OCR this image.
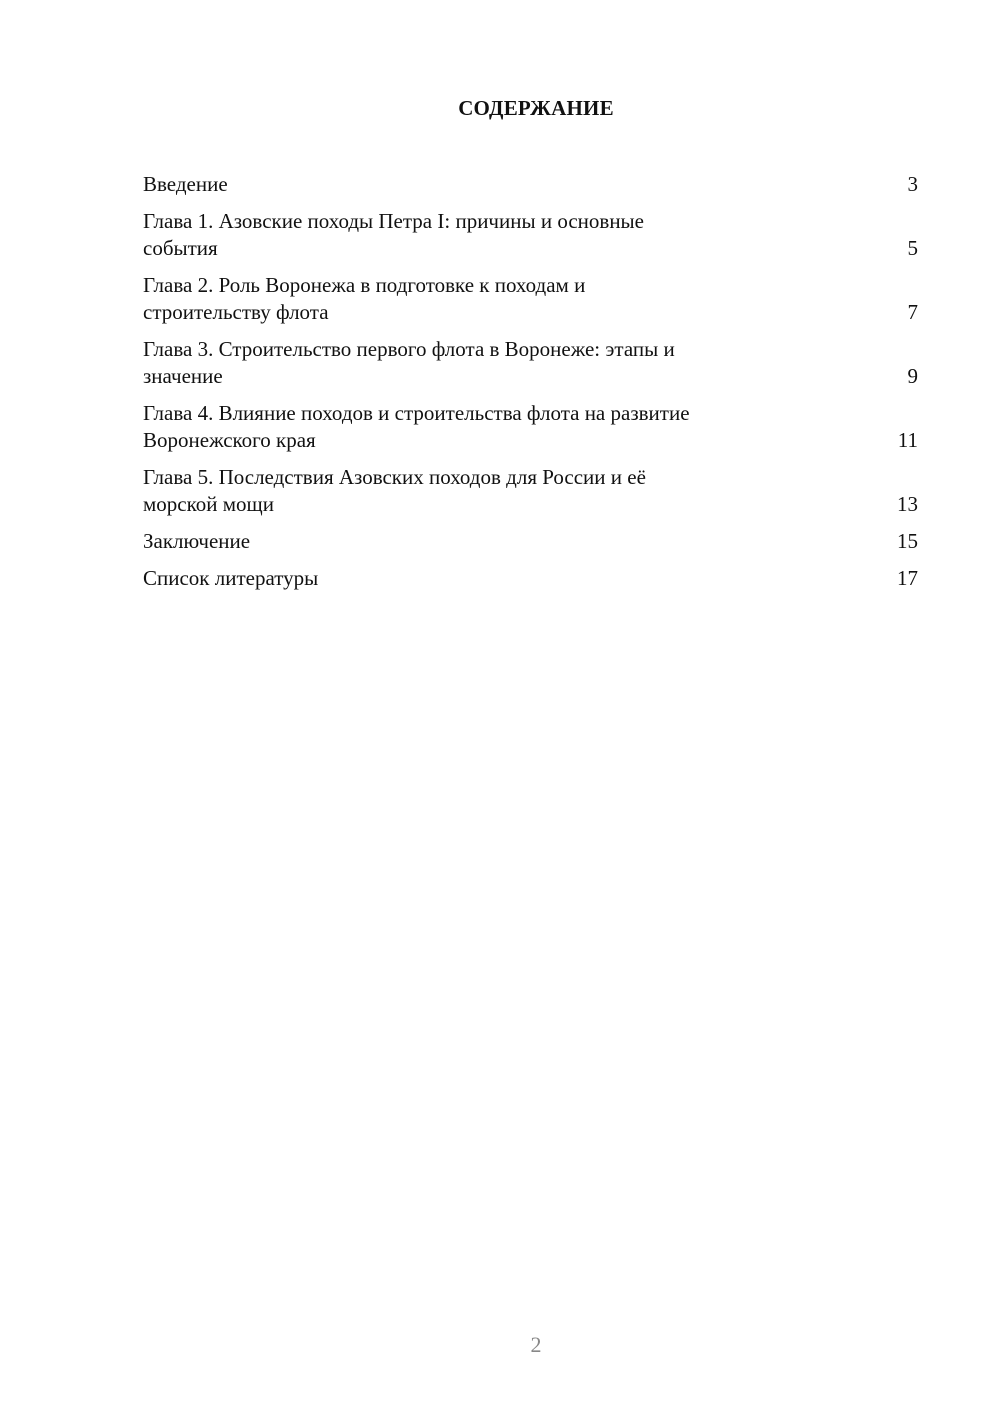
СОДЕРЖАНИЕ
Введение	3
Глава 1. Азовские походы Петра I: причины и основные
события	5
Глава 2. Роль Воронежа в подготовке к походам и
строительству флота	7
Глава 3. Строительство первого флота в Воронеже: этапы и
значение	9
Глава 4. Влияние походов и строительства флота на развитие
Воронежского края	11
Глава 5. Последствия Азовских походов для России и её
морской мощи	13
Заключение	15
Список литературы	17
2
